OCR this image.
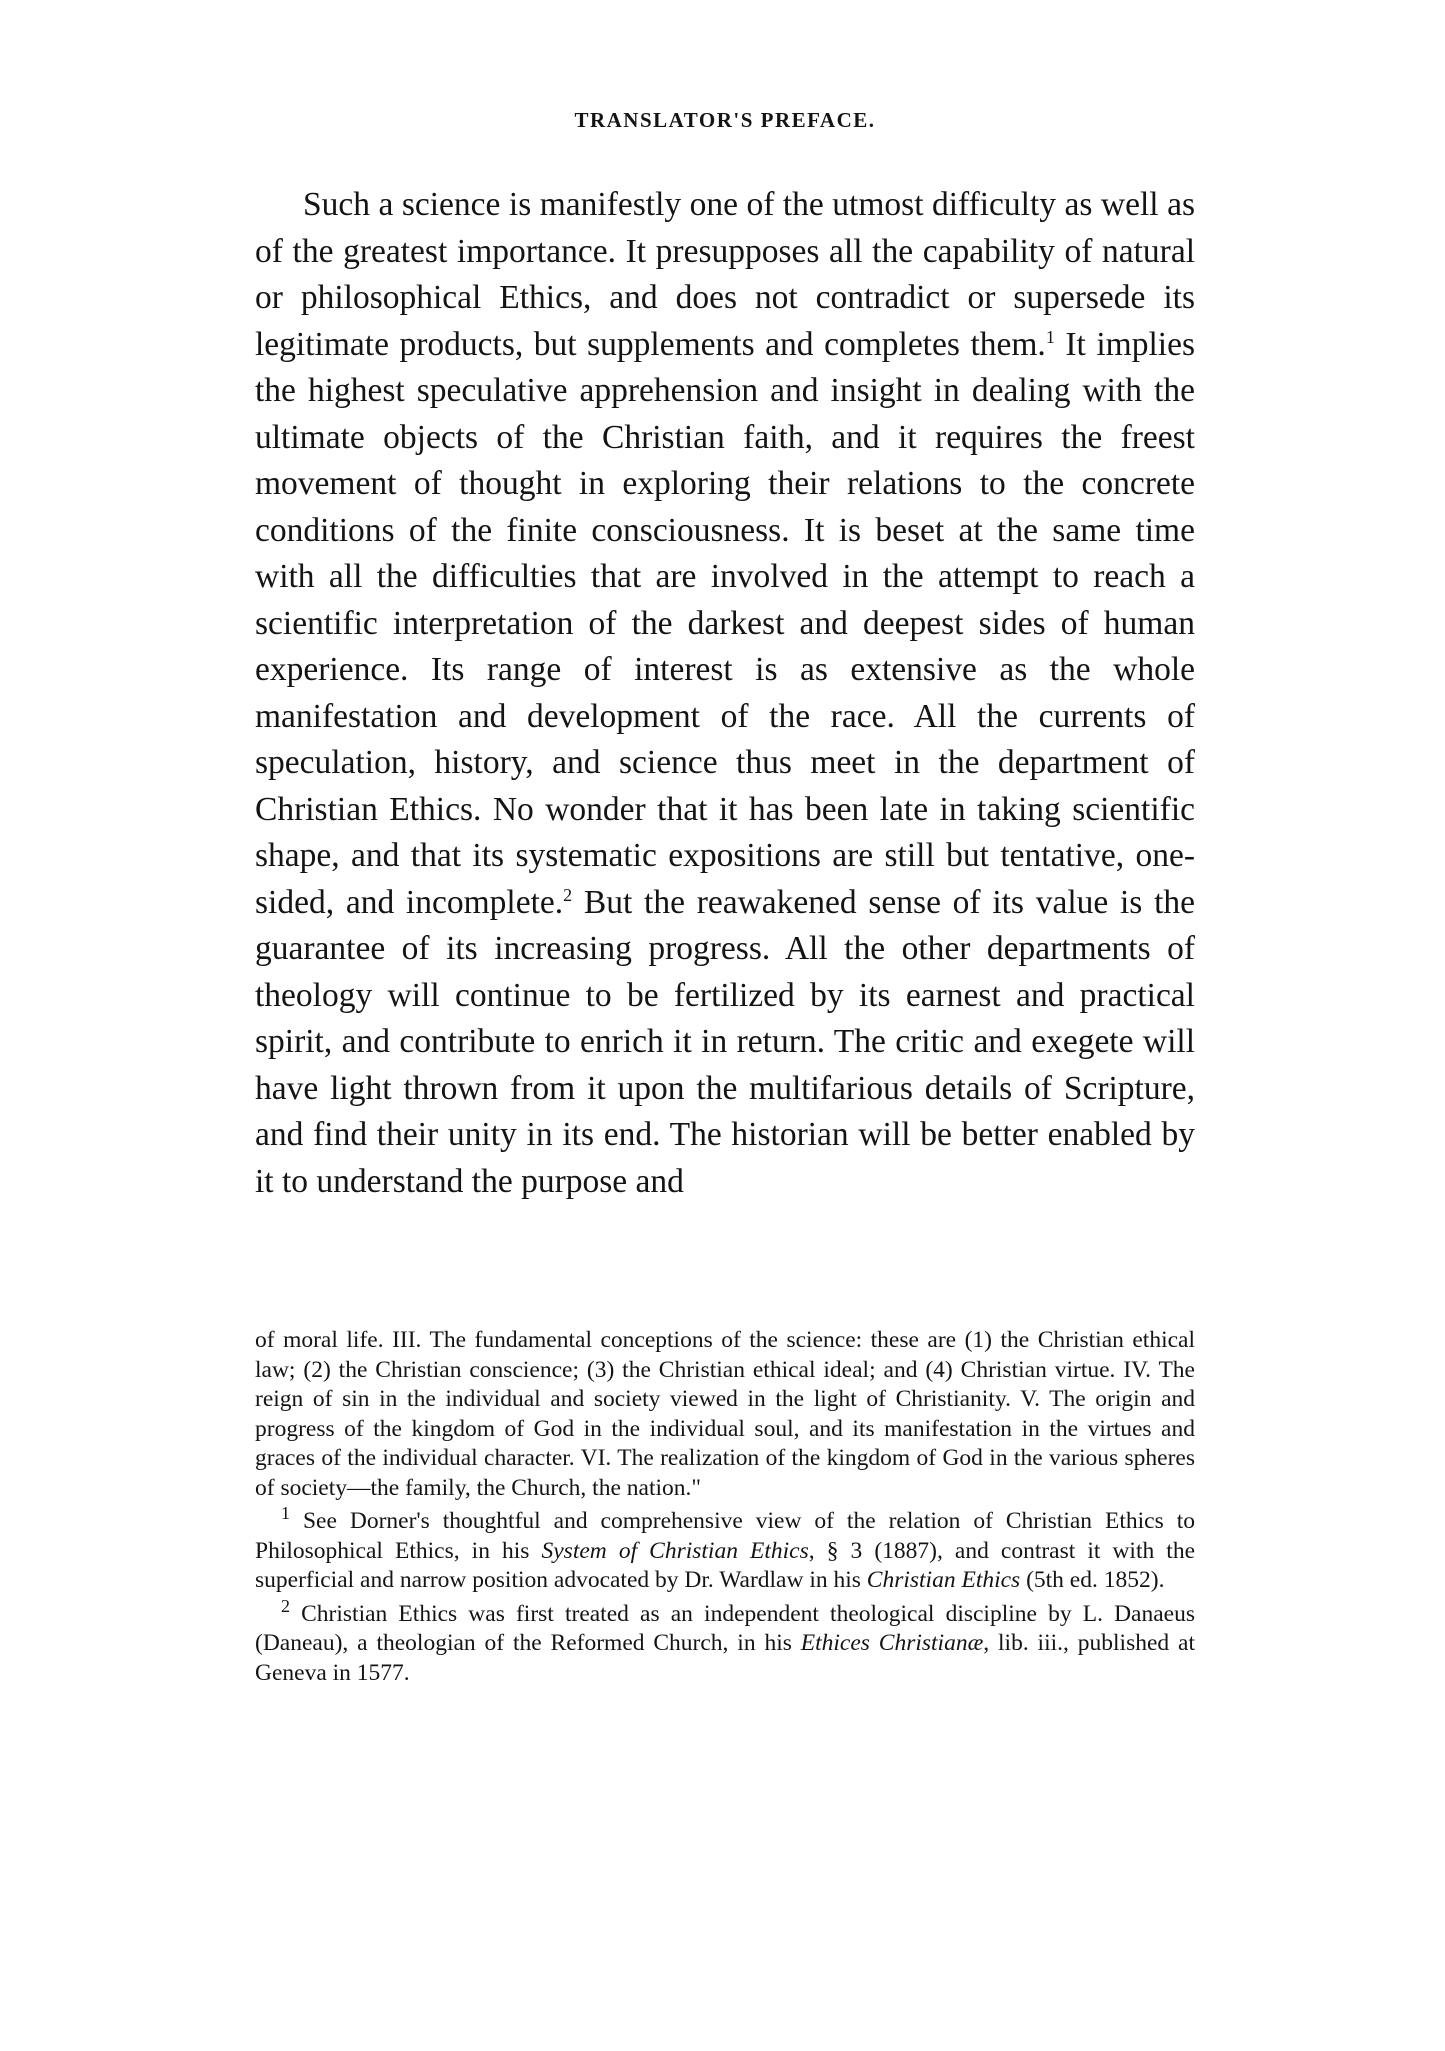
TRANSLATOR'S PREFACE.

Such a science is manifestly one of the utmost difficulty as well as of the greatest importance. It presupposes all the capability of natural or philosophical Ethics, and does not contradict or supersede its legitimate products, but supplements and completes them.$^1$ It implies the highest speculative apprehension and insight in dealing with the ultimate objects of the Christian faith, and it requires the freest movement of thought in exploring their relations to the concrete conditions of the finite consciousness. It is beset at the same time with all the difficulties that are involved in the attempt to reach a scientific interpretation of the darkest and deepest sides of human experience. Its range of interest is as extensive as the whole manifestation and development of the race. All the currents of speculation, history, and science thus meet in the department of Christian Ethics. No wonder that it has been late in taking scientific shape, and that its systematic expositions are still but tentative, one-sided, and incomplete.$^2$ But the reawakened sense of its value is the guarantee of its increasing progress. All the other departments of theology will continue to be fertilized by its earnest and practical spirit, and contribute to enrich it in return. The critic and exegete will have light thrown from it upon the multifarious details of Scripture, and find their unity in its end. The historian will be better enabled by it to understand the purpose and

of moral life. III. The fundamental conceptions of the science: these are (1) the Christian ethical law; (2) the Christian conscience; (3) the Christian ethical ideal; and (4) Christian virtue. IV. The reign of sin in the individual and society viewed in the light of Christianity. V. The origin and progress of the kingdom of God in the individual soul, and its manifestation in the virtues and graces of the individual character. VI. The realization of the kingdom of God in the various spheres of society—the family, the Church, the nation."

$^1$ See Dorner's thoughtful and comprehensive view of the relation of Christian Ethics to Philosophical Ethics, in his System of Christian Ethics, § 3 (1887), and contrast it with the superficial and narrow position advocated by Dr. Wardlaw in his Christian Ethics (5th ed. 1852).

$^2$ Christian Ethics was first treated as an independent theological discipline by L. Danaeus (Daneau), a theologian of the Reformed Church, in his Ethices Christianæ, lib. iii., published at Geneva in 1577.
